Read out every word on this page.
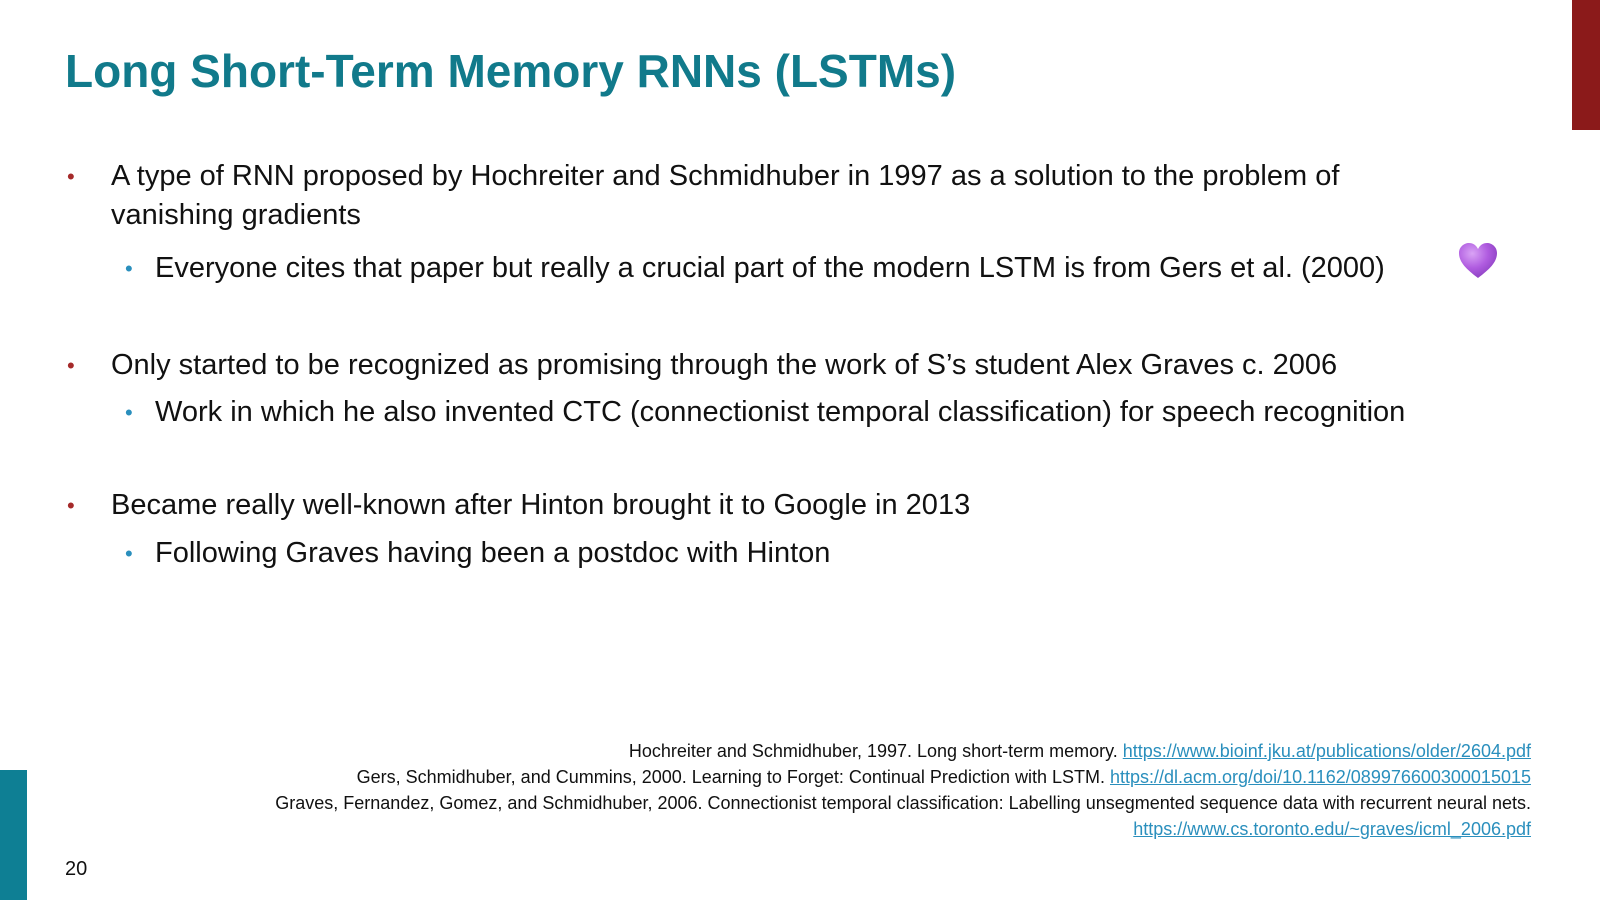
Long Short-Term Memory RNNs (LSTMs)
• A type of RNN proposed by Hochreiter and Schmidhuber in 1997 as a solution to the problem of vanishing gradients
• Everyone cites that paper but really a crucial part of the modern LSTM is from Gers et al. (2000)
• Only started to be recognized as promising through the work of S’s student Alex Graves c. 2006
• Work in which he also invented CTC (connectionist temporal classification) for speech recognition
• Became really well-known after Hinton brought it to Google in 2013
• Following Graves having been a postdoc with Hinton
Hochreiter and Schmidhuber, 1997. Long short-term memory. https://www.bioinf.jku.at/publications/older/2604.pdf
Gers, Schmidhuber, and Cummins, 2000. Learning to Forget: Continual Prediction with LSTM. https://dl.acm.org/doi/10.1162/089976600300015015
Graves, Fernandez, Gomez, and Schmidhuber, 2006. Connectionist temporal classification: Labelling unsegmented sequence data with recurrent neural nets.
https://www.cs.toronto.edu/~graves/icml_2006.pdf
20
